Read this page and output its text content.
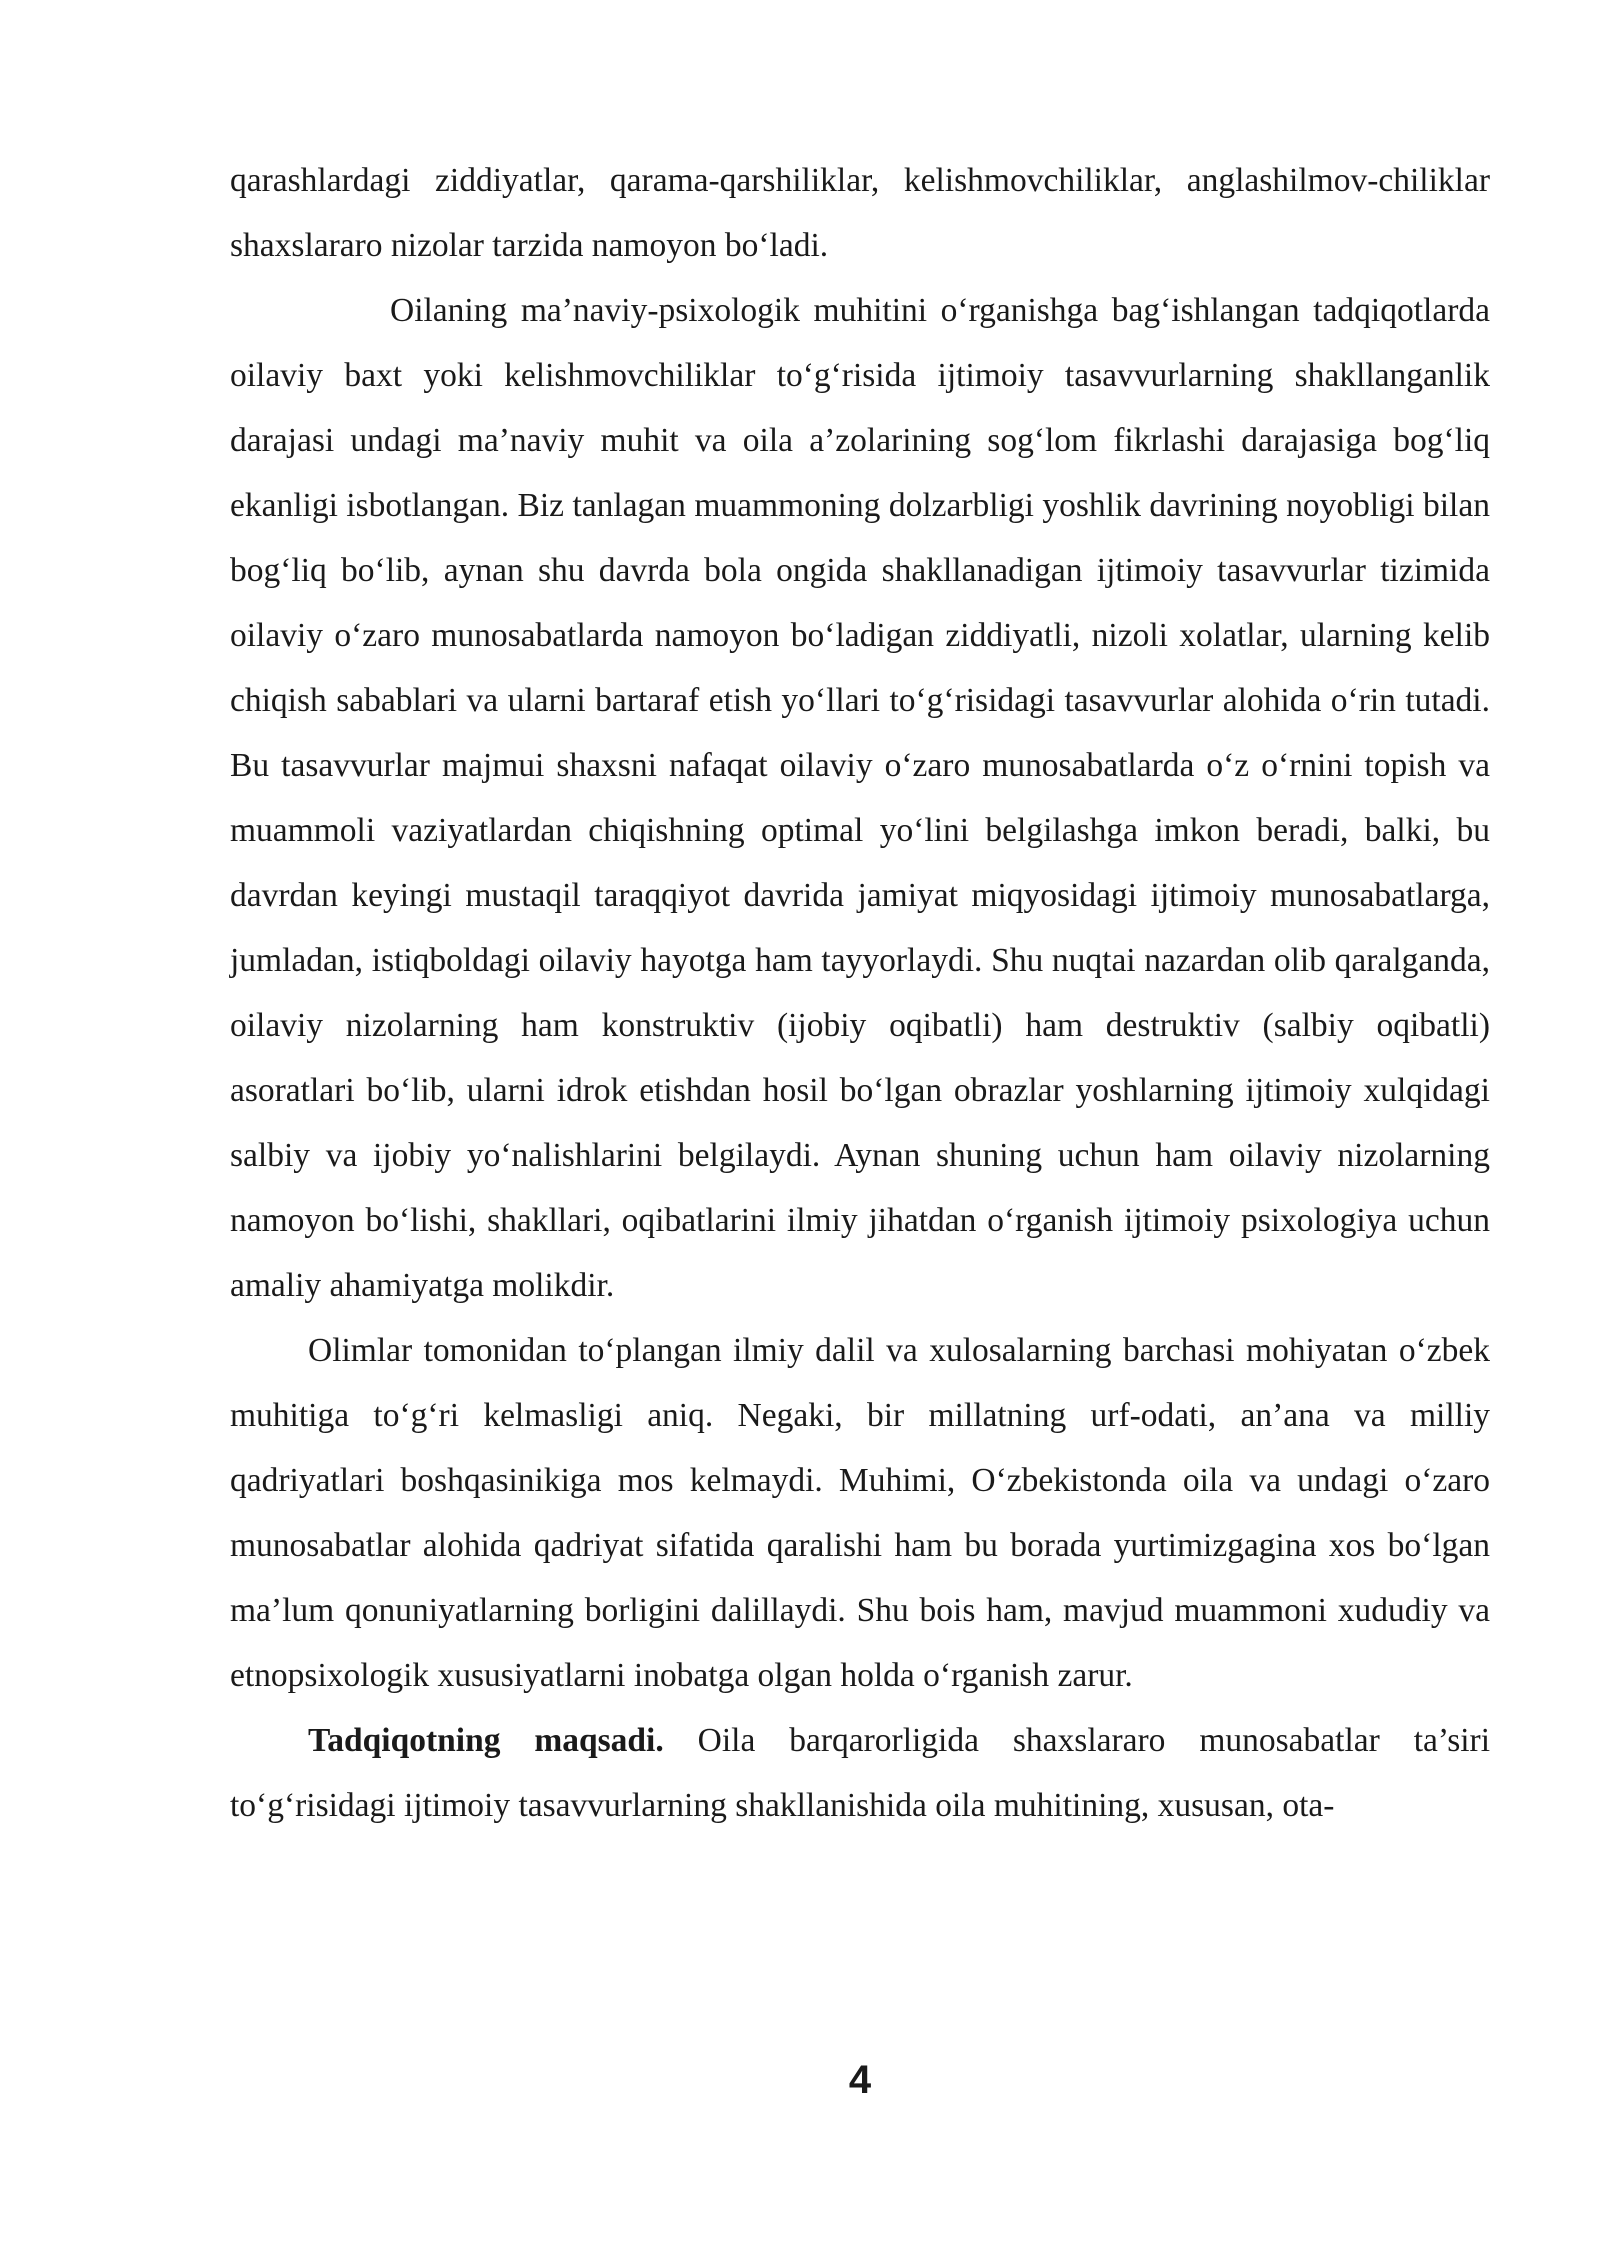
qarashlardagi ziddiyatlar, qarama-qarshiliklar, kelishmovchiliklar, anglashilmov-chiliklar shaxslararo nizolar tarzida namoyon bo‘ladi.

Oilaning ma’naviy-psixologik muhitini o‘rganishga bag‘ishlangan tadqiqotlarda oilaviy baxt yoki kelishmovchiliklar to‘g‘risida ijtimoiy tasavvurlarning shakllanganlik darajasi undagi ma’naviy muhit va oila a’zolarining sog‘lom fikrlashi darajasiga bog‘liq ekanligi isbotlangan. Biz tanlagan muammoning dolzarbligi yoshlik davrining noyobligi bilan bog‘liq bo‘lib, aynan shu davrda bola ongida shakllanadigan ijtimoiy tasavvurlar tizimida oilaviy o‘zaro munosabatlarda namoyon bo‘ladigan ziddiyatli, nizoli xolatlar, ularning kelib chiqish sabablari va ularni bartaraf etish yo‘llari to‘g‘risidagi tasavvurlar alohida o‘rin tutadi. Bu tasavvurlar majmui shaxsni nafaqat oilaviy o‘zaro munosabatlarda o‘z o‘rnini topish va muammoli vaziyatlardan chiqishning optimal yo‘lini belgilashga imkon beradi, balki, bu davrdan keyingi mustaqil taraqqiyot davrida jamiyat miqyosidagi ijtimoiy munosabatlarga, jumladan, istiqboldagi oilaviy hayotga ham tayyorlaydi. Shu nuqtai nazardan olib qaralganda, oilaviy nizolarning ham konstruktiv (ijobiy oqibatli) ham destruktiv (salbiy oqibatli) asoratlari bo‘lib, ularni idrok etishdan hosil bo‘lgan obrazlar yoshlarning ijtimoiy xulqidagi salbiy va ijobiy yo‘nalishlarini belgilaydi. Aynan shuning uchun ham oilaviy nizolarning namoyon bo‘lishi, shakllari, oqibatlarini ilmiy jihatdan o‘rganish ijtimoiy psixologiya uchun amaliy ahamiyatga molikdir.

Olimlar tomonidan to‘plangan ilmiy dalil va xulosalarning barchasi mohiyatan o‘zbek muhitiga to‘g‘ri kelmasligi aniq. Negaki, bir millatning urf-odati, an’ana va milliy qadriyatlari boshqasinikiga mos kelmaydi. Muhimi, O‘zbekistonda oila va undagi o‘zaro munosabatlar alohida qadriyat sifatida qaralishi ham bu borada yurtimizgagina xos bo‘lgan ma’lum qonuniyatlarning borligini dalillaydi. Shu bois ham, mavjud muammoni xududiy va etnopsixologik xususiyatlarni inobatga olgan holda o‘rganish zarur.

Tadqiqotning maqsadi. Oila barqarorligida shaxslararo munosabatlar ta’siri to‘g‘risidagi ijtimoiy tasavvurlarning shakllanishida oila muhitining, xususan, ota-

4
